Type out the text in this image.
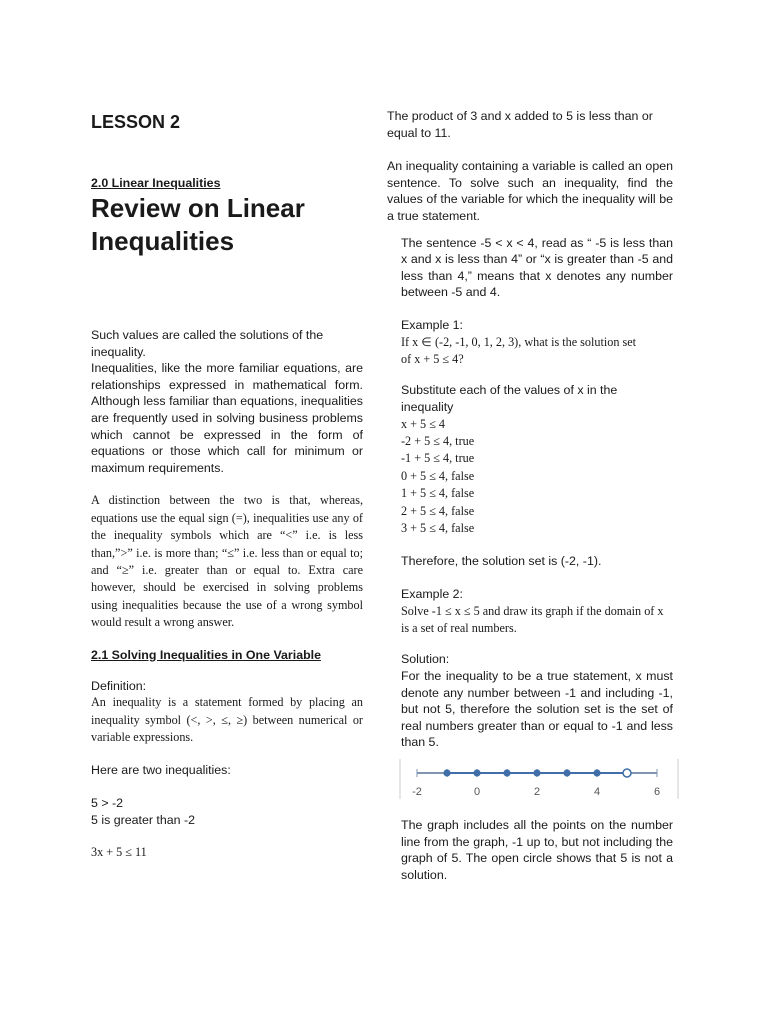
LESSON 2
2.0 Linear Inequalities
Review on Linear
Inequalities

Such values are called the solutions of the inequality.

Inequalities, like the more familiar equations, are relationships expressed in mathematical form. Although less familiar than equations, inequalities are frequently used in solving business problems which cannot be expressed in the form of equations or those which call for minimum or maximum requirements.

A distinction between the two is that, whereas, equations use the equal sign (=), inequalities use any of the inequality symbols which are “<” i.e. is less than,”>” i.e. is more than; “≤” i.e. less than or equal to; and “≥” i.e. greater than or equal to. Extra care however, should be exercised in solving problems using inequalities because the use of a wrong symbol would result a wrong answer.

2.1 Solving Inequalities in One Variable

Definition:

An inequality is a statement formed by placing an inequality symbol (<, >, ≤, ≥) between numerical or variable expressions.

Here are two inequalities:

5 > -2

5 is greater than -2

3x + 5 ≤ 11

The product of 3 and x added to 5 is less than or equal to 11.

An inequality containing a variable is called an open sentence. To solve such an inequality, find the values of the variable for which the inequality will be a true statement.

The sentence -5 < x < 4, read as “ -5 is less than x and x is less than 4” or “x is greater than -5 and less than 4,” means that x denotes any number between -5 and 4.

Example 1:

If x ∈ (-2, -1, 0, 1, 2, 3), what is the solution set

of x + 5 ≤ 4?

Substitute each of the values of x in the inequality

x + 5 ≤ 4

-2 + 5 ≤ 4, true

-1 + 5 ≤ 4, true

0 + 5 ≤ 4, false

1 + 5 ≤ 4, false

2 + 5 ≤ 4, false

3 + 5 ≤ 4, false

Therefore, the solution set is (-2, -1).

Example 2:

Solve -1 ≤ x ≤ 5 and draw its graph if the domain of x is a set of real numbers.

Solution:

For the inequality to be a true statement, x must denote any number between -1 and including -1, but not 5, therefore the solution set is the set of real numbers greater than or equal to -1 and less than 5.

-2	0	2	4	6

The graph includes all the points on the number line from the graph, -1 up to, but not including the graph of 5. The open circle shows that 5 is not a solution.
